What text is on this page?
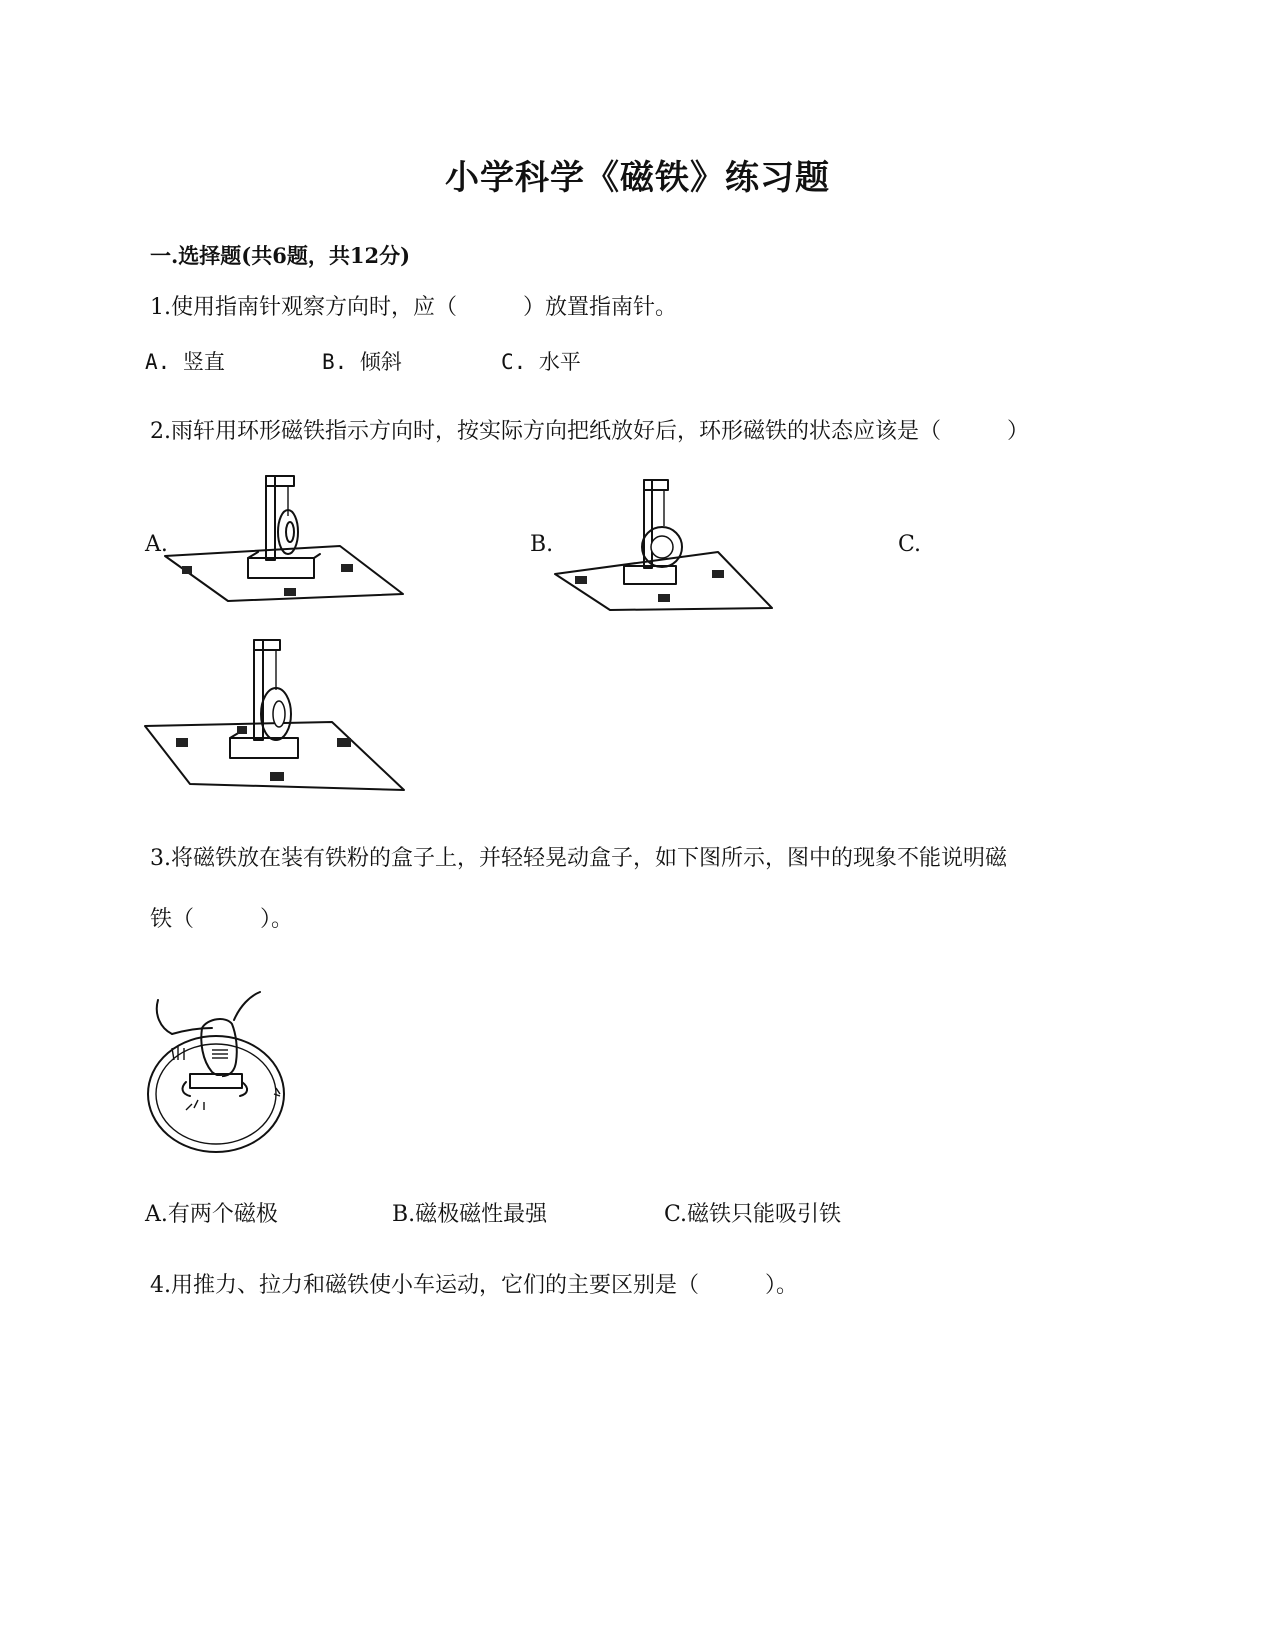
小学科学《磁铁》练习题
一.选择题(共6题，共12分)
1.使用指南针观察方向时，应（　　　）放置指南针。
A. 竖直	B. 倾斜	C. 水平
2.雨轩用环形磁铁指示方向时，按实际方向把纸放好后，环形磁铁的状态应该是（　　　）
A.	B.	C.
3.将磁铁放在装有铁粉的盒子上，并轻轻晃动盒子，如下图所示，图中的现象不能说明磁
铁（　　　）。
A.有两个磁极	B.磁极磁性最强	C.磁铁只能吸引铁
4.用推力、拉力和磁铁使小车运动，它们的主要区别是（　　　）。
